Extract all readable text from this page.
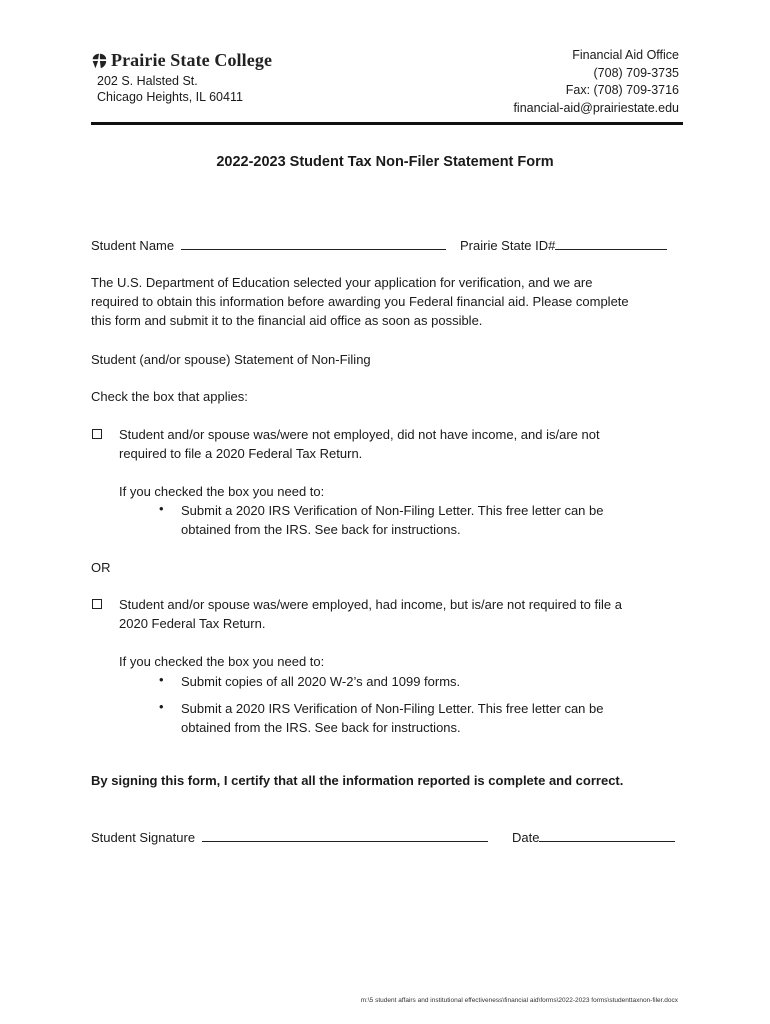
Prairie State College
202 S. Halsted St.
Chicago Heights, IL 60411
Financial Aid Office
(708) 709-3735
Fax: (708) 709-3716
financial-aid@prairiestate.edu
2022-2023 Student Tax Non-Filer Statement Form
Student Name	Prairie State ID#
The U.S. Department of Education selected your application for verification, and we are
required to obtain this information before awarding you Federal financial aid. Please complete
this form and submit it to the financial aid office as soon as possible.
Student (and/or spouse) Statement of Non-Filing
Check the box that applies:
Student and/or spouse was/were not employed, did not have income, and is/are not
required to file a 2020 Federal Tax Return.
If you checked the box you need to:
• Submit a 2020 IRS Verification of Non-Filing Letter. This free letter can be
obtained from the IRS. See back for instructions.
OR
Student and/or spouse was/were employed, had income, but is/are not required to file a
2020 Federal Tax Return.
If you checked the box you need to:
• Submit copies of all 2020 W-2’s and 1099 forms.
• Submit a 2020 IRS Verification of Non-Filing Letter. This free letter can be
obtained from the IRS. See back for instructions.
By signing this form, I certify that all the information reported is complete and correct.
Student Signature	Date
m:\5 student affairs and institutional effectiveness\financial aid\forms\2022-2023 forms\studenttaxnon-filer.docx
